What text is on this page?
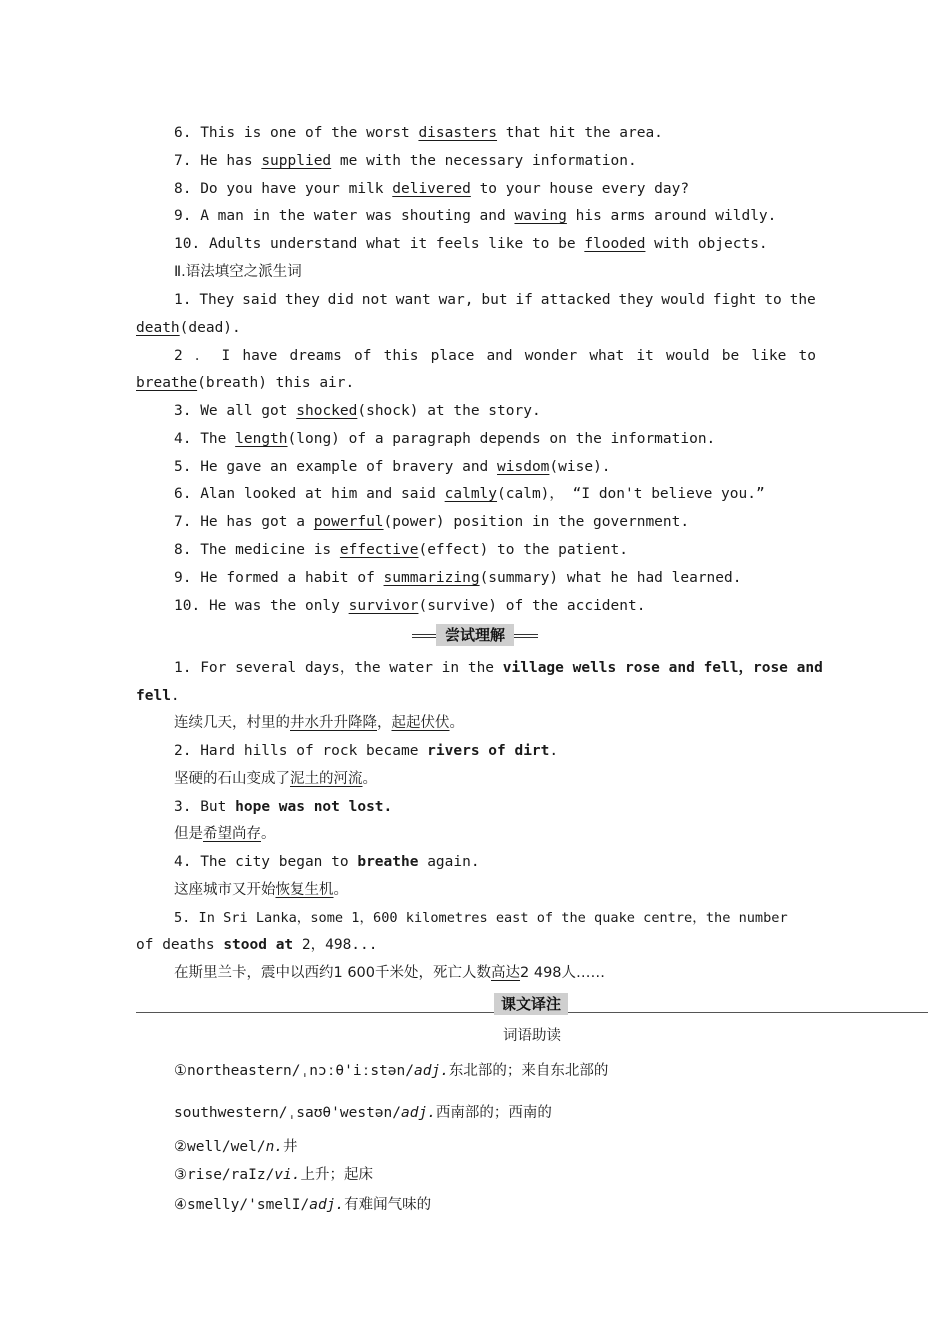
6. This is one of the worst disasters that hit the area.
7. He has supplied me with the necessary information.
8. Do you have your milk delivered to your house every day?
9. A man in the water was shouting and waving his arms around wildly.
10. Adults understand what it feels like to be flooded with objects.
Ⅱ.语法填空之派生词
1. They said they did not want war, but if attacked they would fight to the
death(dead).
2 ． I have dreams of this place and wonder what it would be like to
breathe(breath) this air.
3. We all got shocked(shock) at the story.
4. The length(long) of a paragraph depends on the information.
5. He gave an example of bravery and wisdom(wise).
6. Alan looked at him and said calmly(calm)， “I don't believe you.”
7. He has got a powerful(power) position in the government.
8. The medicine is effective(effect) to the patient.
9. He formed a habit of summarizing(summary) what he had learned.
10. He was the only survivor(survive) of the accident.
尝试理解
1. For several days，the water in the village wells rose and fell，rose and
fell.
连续几天，村里的井水升升降降，起起伏伏。
2. Hard hills of rock became rivers of dirt.
坚硬的石山变成了泥土的河流。
3. But hope was not lost.
但是希望尚存。
4. The city began to breathe again.
这座城市又开始恢复生机。
5. In Sri Lanka，some 1，600 kilometres east of the quake centre，the number
of deaths stood at 2，498...
在斯里兰卡，震中以西约1 600千米处，死亡人数高达2 498人……
课文译注
词语助读
①northeastern/ˌnɔːθ'iːstən/adj.东北部的；来自东北部的
southwestern/ˌsaʊθ'westən/adj.西南部的；西南的
②well/wel/n.井
③rise/raIz/vi.上升；起床
④smelly/'smelI/adj.有难闻气味的
